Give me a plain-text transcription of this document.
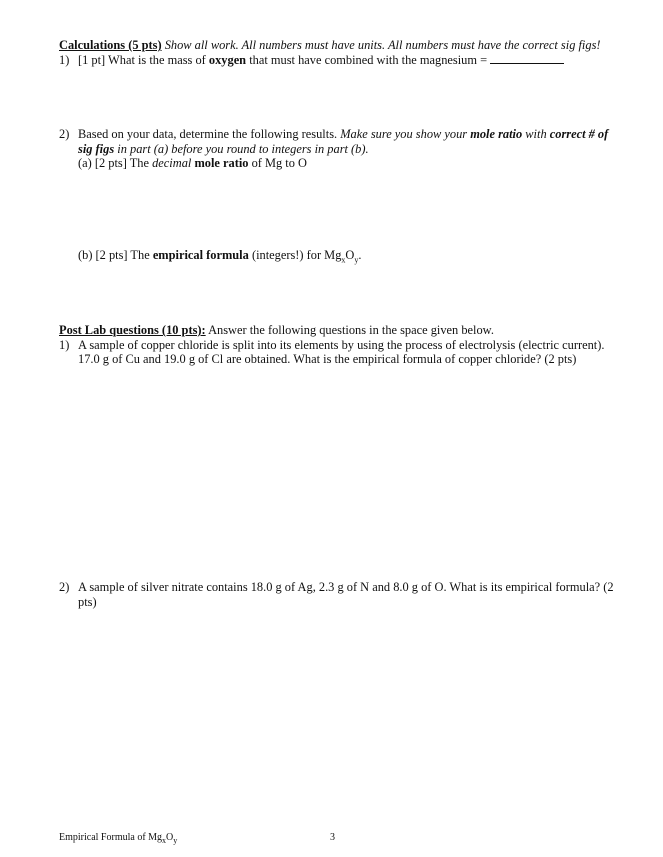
Calculations (5 pts) Show all work. All numbers must have units. All numbers must have the correct sig figs!
1) [1 pt] What is the mass of oxygen that must have combined with the magnesium =
2) Based on your data, determine the following results. Make sure you show your mole ratio with correct # of sig figs in part (a) before you round to integers in part (b).
(a) [2 pts] The decimal mole ratio of Mg to O
(b) [2 pts] The empirical formula (integers!) for $Mg_xO_y$.
Post Lab questions (10 pts): Answer the following questions in the space given below.
1) A sample of copper chloride is split into its elements by using the process of electrolysis (electric current). 17.0 g of Cu and 19.0 g of Cl are obtained. What is the empirical formula of copper chloride? (2 pts)
2) A sample of silver nitrate contains 18.0 g of Ag, 2.3 g of N and 8.0 g of O. What is its empirical formula? (2 pts)
Empirical Formula of $Mg_xO_y$	3
